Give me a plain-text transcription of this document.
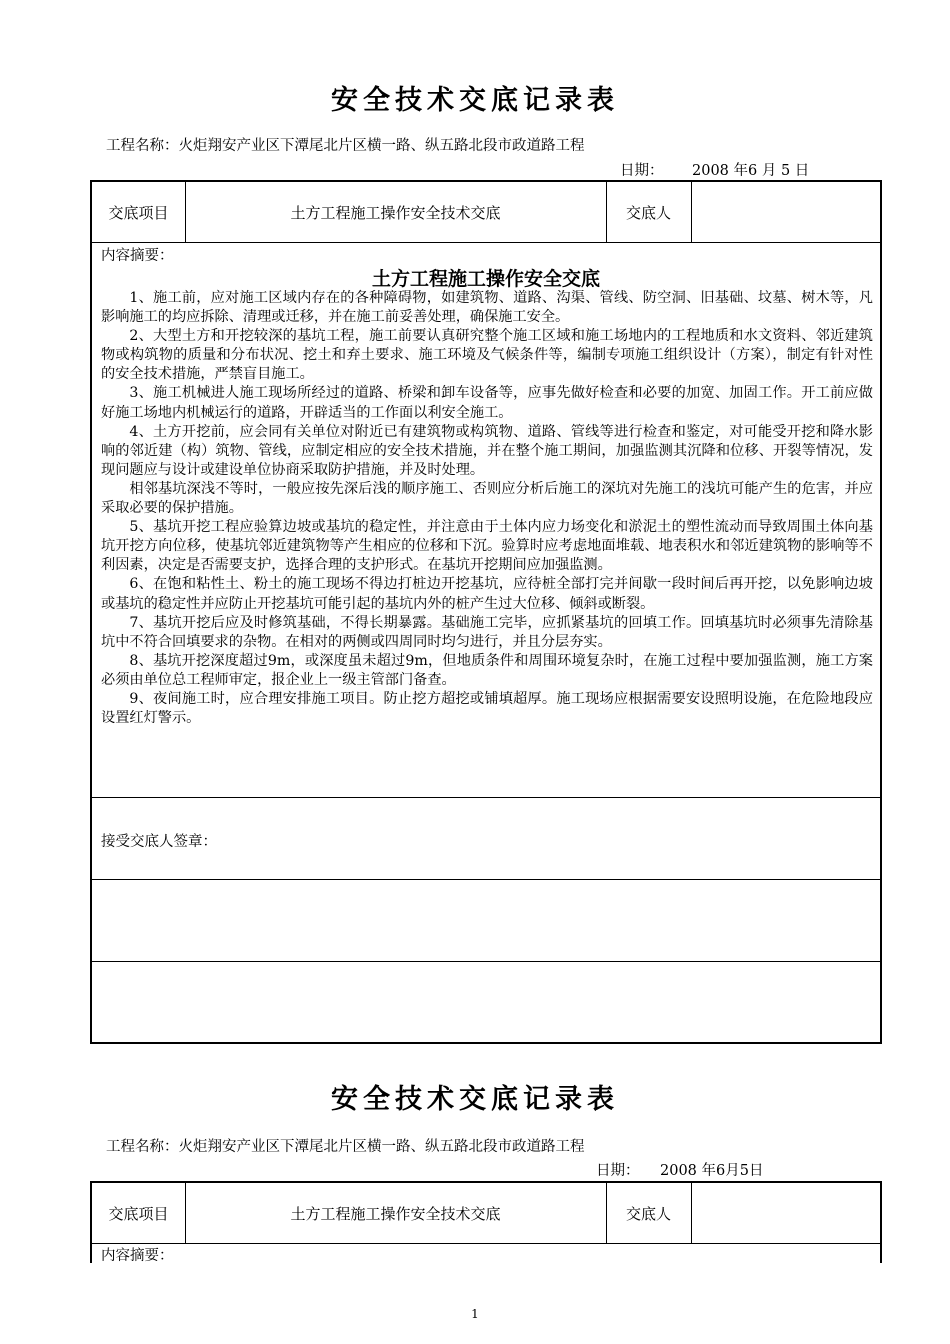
安全技术交底记录表
工程名称：火炬翔安产业区下潭尾北片区横一路、纵五路北段市政道路工程
日期： 2008 年6 月 5 日
交底项目	土方工程施工操作安全技术交底	交底人
内容摘要：
土方工程施工操作安全交底

1、施工前，应对施工区域内存在的各种障碍物，如建筑物、道路、沟渠、管线、防空洞、旧基础、坟墓、树木等，凡影响施工的均应拆除、清理或迁移，并在施工前妥善处理，确保施工安全。

2、大型土方和开挖较深的基坑工程，施工前要认真研究整个施工区域和施工场地内的工程地质和水文资料、邻近建筑物或构筑物的质量和分布状况、挖土和弃土要求、施工环境及气候条件等，编制专项施工组织设计（方案），制定有针对性的安全技术措施，严禁盲目施工。

3、施工机械进人施工现场所经过的道路、桥梁和卸车设备等，应事先做好检查和必要的加宽、加固工作。开工前应做好施工场地内机械运行的道路，开辟适当的工作面以利安全施工。

4、土方开挖前，应会同有关单位对附近已有建筑物或构筑物、道路、管线等进行检查和鉴定，对可能受开挖和降水影响的邻近建（构）筑物、管线，应制定相应的安全技术措施，并在整个施工期间，加强监测其沉降和位移、开裂等情况，发现问题应与设计或建设单位协商采取防护措施，并及时处理。

相邻基坑深浅不等时，一般应按先深后浅的顺序施工、否则应分析后施工的深坑对先施工的浅坑可能产生的危害，并应采取必要的保护措施。

5、基坑开挖工程应验算边坡或基坑的稳定性，并注意由于土体内应力场变化和淤泥土的塑性流动而导致周围土体向基坑开挖方向位移，使基坑邻近建筑物等产生相应的位移和下沉。验算时应考虑地面堆载、地表积水和邻近建筑物的影响等不利因素，决定是否需要支护，选择合理的支护形式。在基坑开挖期间应加强监测。

6、在饱和粘性土、粉土的施工现场不得边打桩边开挖基坑，应待桩全部打完并间歇一段时间后再开挖，以免影响边坡或基坑的稳定性并应防止开挖基坑可能引起的基坑内外的桩产生过大位移、倾斜或断裂。

7、基坑开挖后应及时修筑基础，不得长期暴露。基础施工完毕，应抓紧基坑的回填工作。回填基坑时必须事先清除基坑中不符合回填要求的杂物。在相对的两侧或四周同时均匀进行，并且分层夯实。

8、基坑开挖深度超过9m，或深度虽未超过9m，但地质条件和周围环境复杂时，在施工过程中要加强监测，施工方案必须由单位总工程师审定，报企业上一级主管部门备查。

9、夜间施工时，应合理安排施工项目。防止挖方超挖或铺填超厚。施工现场应根据需要安设照明设施，在危险地段应设置红灯警示。

接受交底人签章：
安全技术交底记录表
工程名称：火炬翔安产业区下潭尾北片区横一路、纵五路北段市政道路工程
日期： 2008 年6月5日
交底项目	土方工程施工操作安全技术交底	交底人
内容摘要：
1
